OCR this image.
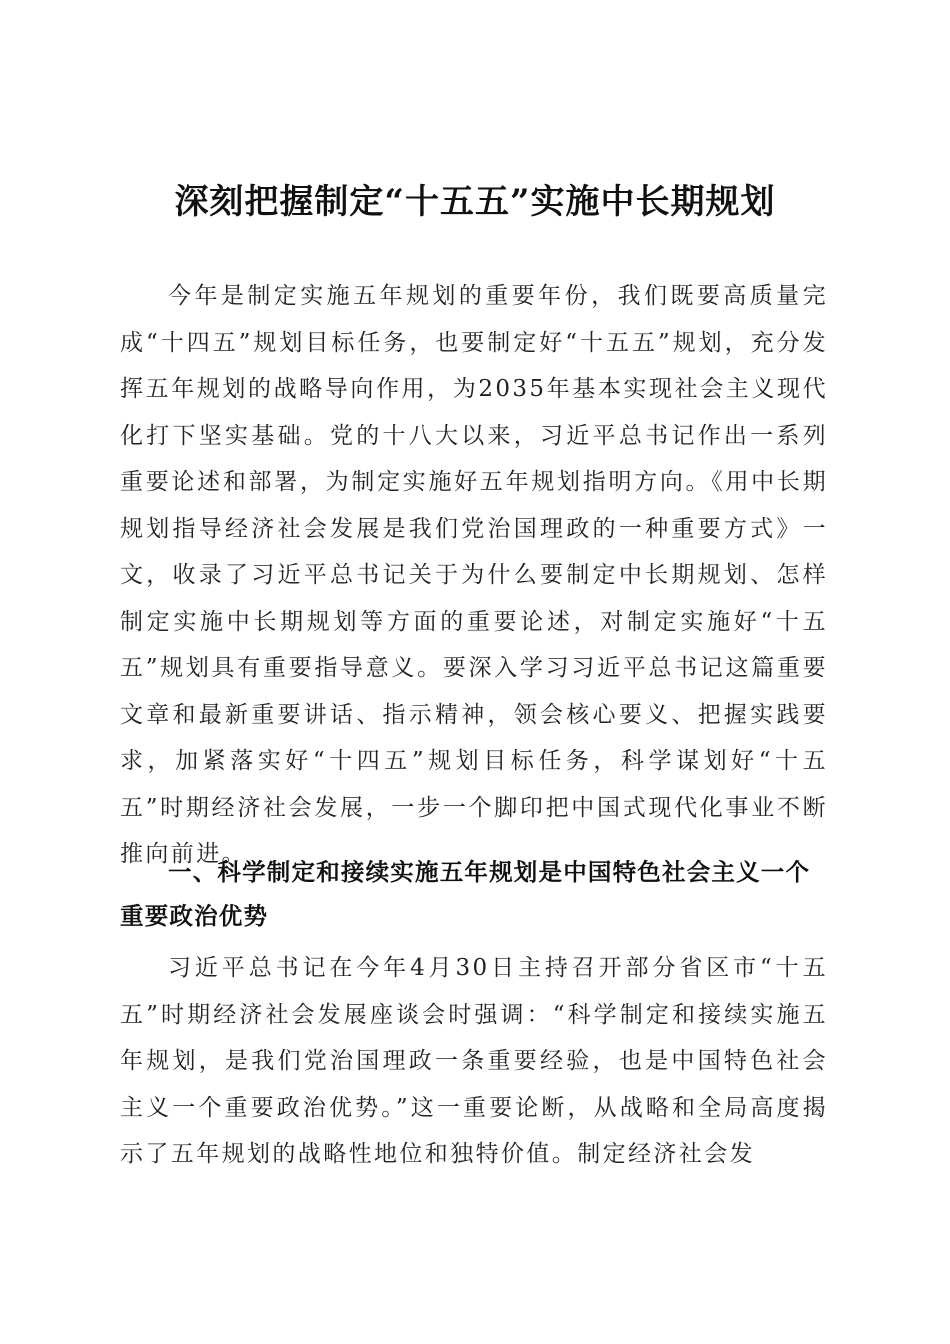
深刻把握制定“十五五”实施中长期规划

今年是制定实施五年规划的重要年份，我们既要高质量完成“十四五”规划目标任务，也要制定好“十五五”规划，充分发挥五年规划的战略导向作用，为2035年基本实现社会主义现代化打下坚实基础。党的十八大以来，习近平总书记作出一系列重要论述和部署，为制定实施好五年规划指明方向。《用中长期规划指导经济社会发展是我们党治国理政的一种重要方式》一文，收录了习近平总书记关于为什么要制定中长期规划、怎样制定实施中长期规划等方面的重要论述，对制定实施好“十五五”规划具有重要指导意义。要深入学习习近平总书记这篇重要文章和最新重要讲话、指示精神，领会核心要义、把握实践要求，加紧落实好“十四五”规划目标任务，科学谋划好“十五五”时期经济社会发展，一步一个脚印把中国式现代化事业不断推向前进。

一、科学制定和接续实施五年规划是中国特色社会主义一个重要政治优势

习近平总书记在今年4月30日主持召开部分省区市“十五五”时期经济社会发展座谈会时强调：“科学制定和接续实施五年规划，是我们党治国理政一条重要经验，也是中国特色社会主义一个重要政治优势。”这一重要论断，从战略和全局高度揭示了五年规划的战略性地位和独特价值。制定经济社会发
